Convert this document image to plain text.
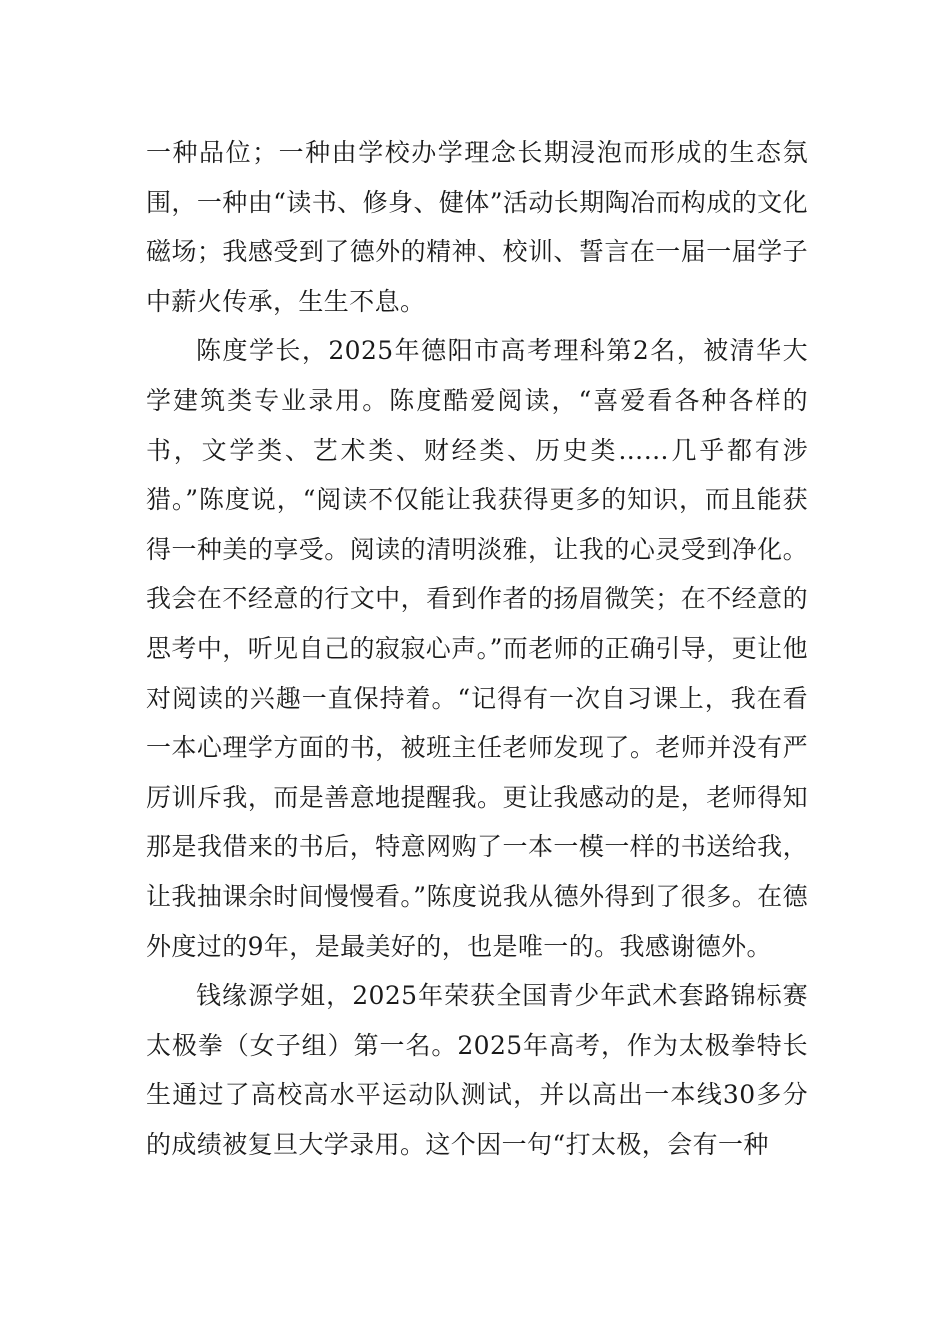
一种品位；一种由学校办学理念长期浸泡而形成的生态氛围，一种由“读书、修身、健体”活动长期陶冶而构成的文化磁场；我感受到了德外的精神、校训、誓言在一届一届学子中薪火传承，生生不息。

陈度学长，2025年德阳市高考理科第2名，被清华大学建筑类专业录用。陈度酷爱阅读，“喜爱看各种各样的书，文学类、艺术类、财经类、历史类……几乎都有涉猎。”陈度说，“阅读不仅能让我获得更多的知识，而且能获得一种美的享受。阅读的清明淡雅，让我的心灵受到净化。我会在不经意的行文中，看到作者的扬眉微笑；在不经意的思考中，听见自己的寂寂心声。”而老师的正确引导，更让他对阅读的兴趣一直保持着。“记得有一次自习课上，我在看一本心理学方面的书，被班主任老师发现了。老师并没有严厉训斥我，而是善意地提醒我。更让我感动的是，老师得知那是我借来的书后，特意网购了一本一模一样的书送给我，让我抽课余时间慢慢看。”陈度说我从德外得到了很多。在德外度过的9年，是最美好的，也是唯一的。我感谢德外。

钱缘源学姐，2025年荣获全国青少年武术套路锦标赛太极拳（女子组）第一名。2025年高考，作为太极拳特长生通过了高校高水平运动队测试，并以高出一本线30多分的成绩被复旦大学录用。这个因一句“打太极，会有一种
